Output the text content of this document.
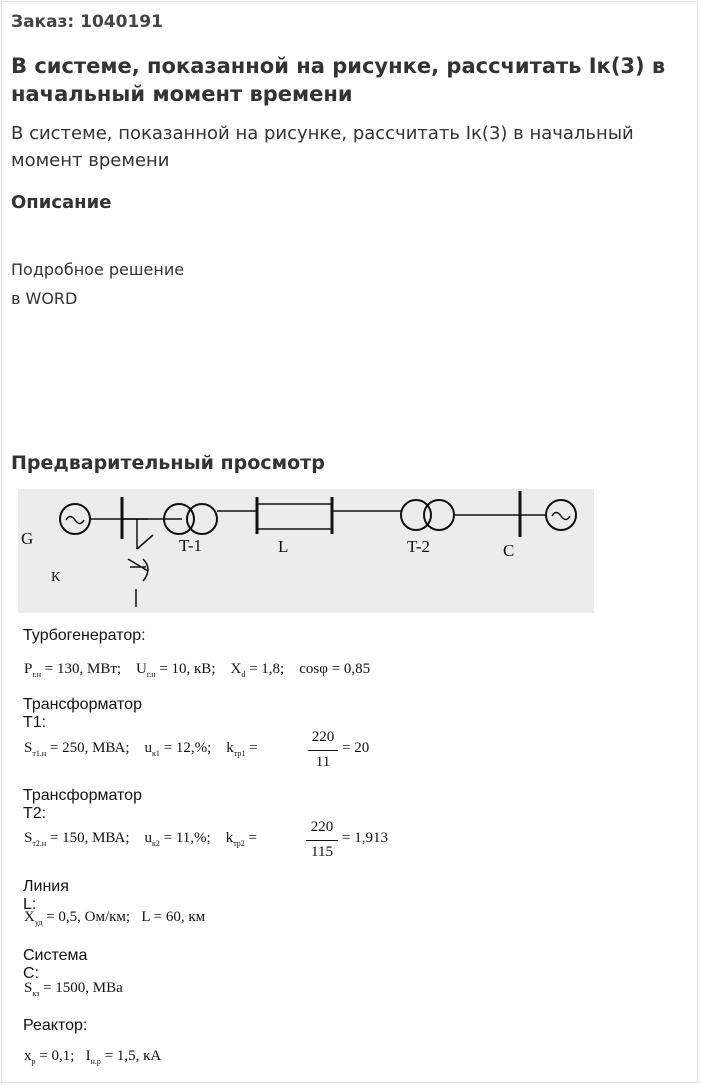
Заказ: 1040191
В системе, показанной на рисунке, рассчитать Iк(3) в начальный момент времени
В системе, показанной на рисунке, рассчитать Iк(3) в начальный момент времени
Описание
Подробное решение
в WORD
Предварительный просмотр
G	T-1	L	T-2	C
К
Турбогенератор:
$P_{г.н} = 130$, МВт; $U_{г.н} = 10$, кВ; $X_d = 1,8$; cosφ = 0,85
Трансформатор Т1:
$S_{т1.н} = 250$, МВА; $u_{к1} = 12,\%$; $k_{тр1}$ =
220
11
= 20
Трансформатор Т2:
$S_{т2.н} = 150$, МВА; $u_{к2} = 11,\%$; $k_{тр2}$ =
220
115
= 1,913
Линия L:
$X_{уд} = 0,5$, Ом/км; L = 60, км
Система С:
$S_{кз} = 1500$, МВа
Реактор:
$x_р = 0,1$; $I_{н.р} = 1,5$, кА
